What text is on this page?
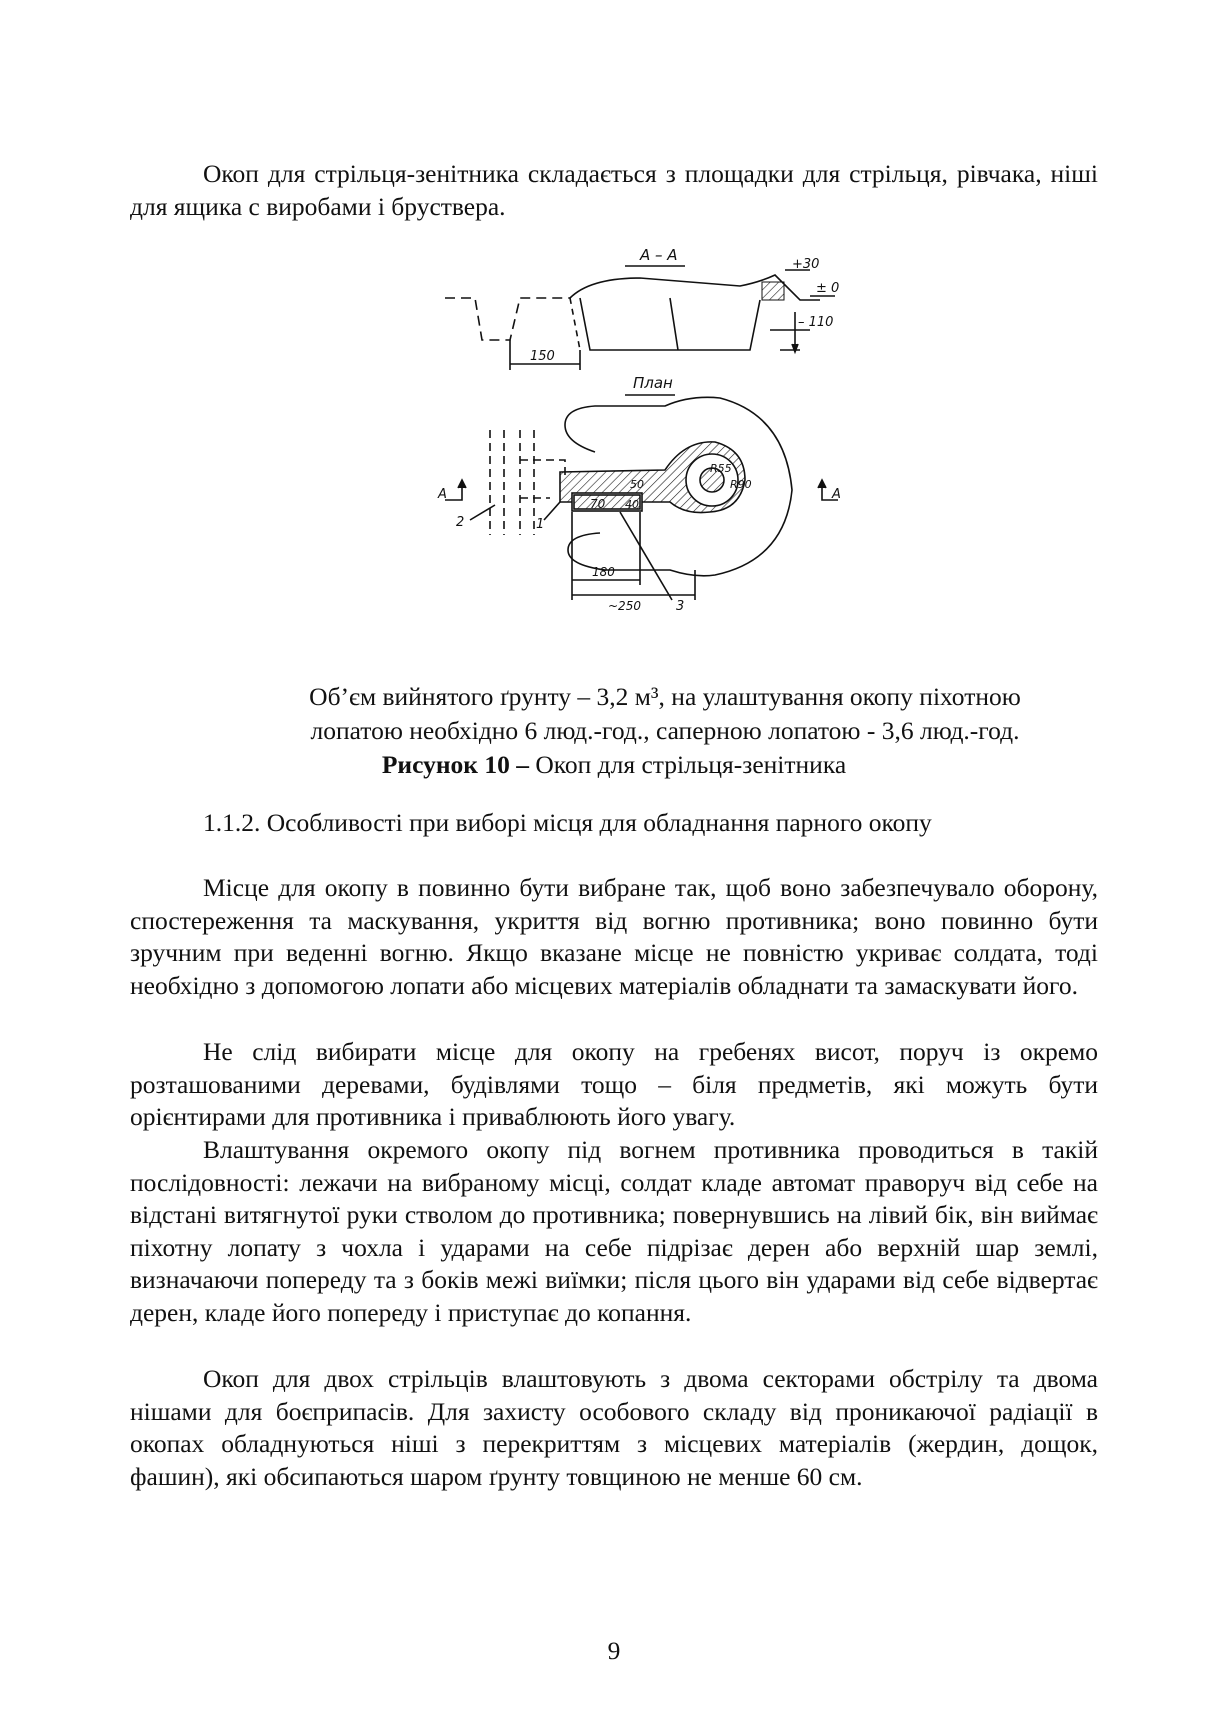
Окоп для стрільця-зенітника складається з площадки для стрільця, рівчака, ніші для ящика с виробами і бруствера.

А – А
+30
± 0
– 110
150
План
70 40
50
R55
R90
А	А
2	1
3
180
~250

Об’єм вийнятого ґрунту – 3,2 м³, на улаштування окопу піхотною

лопатою необхідно 6 люд.-год., саперною лопатою - 3,6 люд.-год.

Рисунок 10 – Окоп для стрільця-зенітника

1.1.2. Особливості при виборі місця для обладнання парного окопу

Місце для окопу в повинно бути вибране так, щоб воно забезпечувало оборону, спостереження та маскування, укриття від вогню противника; воно повинно бути зручним при веденні вогню. Якщо вказане місце не повністю укриває солдата, тоді необхідно з допомогою лопати або місцевих матеріалів обладнати та замаскувати його.

Не слід вибирати місце для окопу на гребенях висот, поруч із окремо розташованими деревами, будівлями тощо – біля предметів, які можуть бути орієнтирами для противника і приваблюють його увагу.

Влаштування окремого окопу під вогнем противника проводиться в такій послідовності: лежачи на вибраному місці, солдат кладе автомат праворуч від себе на відстані витягнутої руки стволом до противника; повернувшись на лівий бік, він виймає піхотну лопату з чохла і ударами на себе підрізає дерен або верхній шар землі, визначаючи попереду та з боків межі виїмки; після цього він ударами від себе відвертає дерен, кладе його попереду і приступає до копання.

Окоп для двох стрільців влаштовують з двома секторами обстрілу та двома нішами для боєприпасів. Для захисту особового складу від проникаючої радіації в окопах обладнуються ніші з перекриттям з місцевих матеріалів (жердин, дощок, фашин), які обсипаються шаром ґрунту товщиною не менше 60 см.

9
